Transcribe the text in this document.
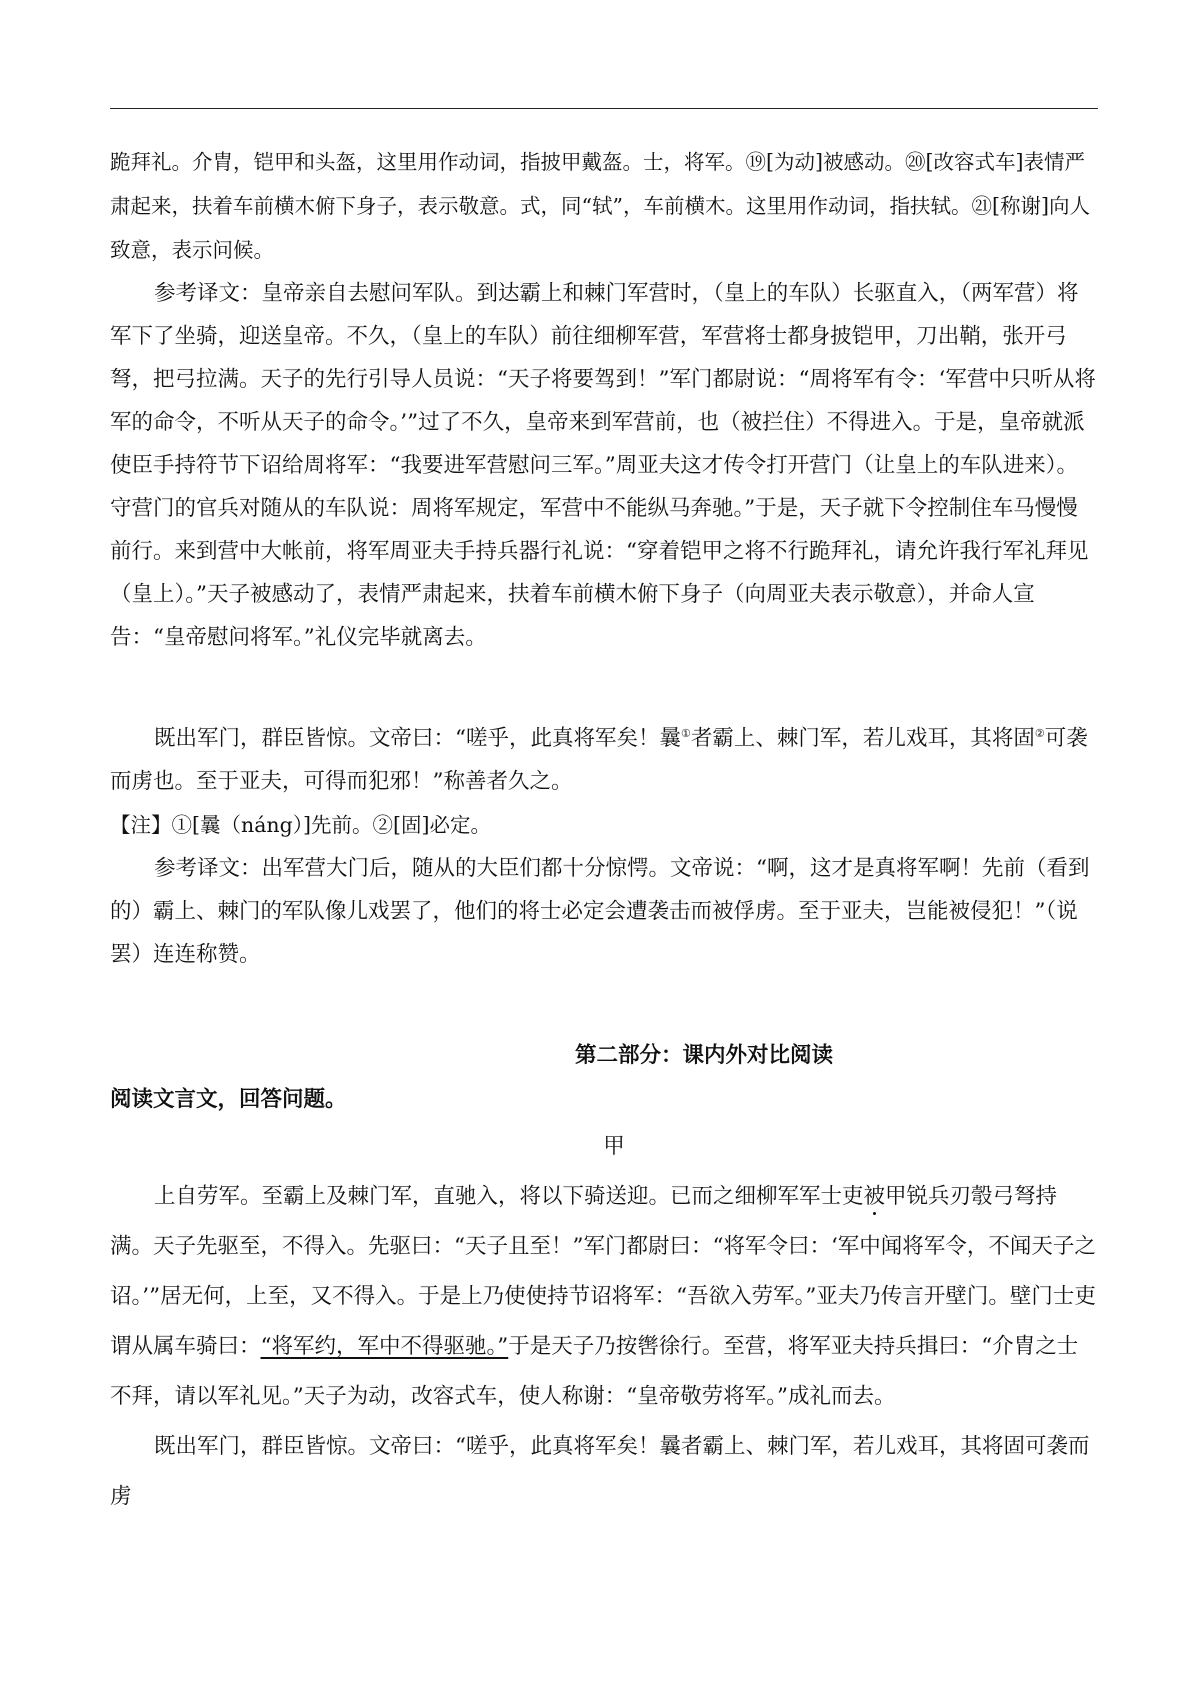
跪拜礼。介胄，铠甲和头盔，这里用作动词，指披甲戴盔。士，将军。⑲[为动]被感动。⑳[改容式车]表情严肃起来，扶着车前横木俯下身子，表示敬意。式，同“轼”，车前横木。这里用作动词，指扶轼。㉑[称谢]向人致意，表示问候。

参考译文：皇帝亲自去慰问军队。到达霸上和棘门军营时，（皇上的车队）长驱直入，（两军营）将军下了坐骑，迎送皇帝。不久，（皇上的车队）前往细柳军营，军营将士都身披铠甲，刀出鞘，张开弓弩，把弓拉满。天子的先行引导人员说：“天子将要驾到！”军门都尉说：“周将军有令：‘军营中只听从将军的命令，不听从天子的命令。’”过了不久，皇帝来到军营前，也（被拦住）不得进入。于是，皇帝就派使臣手持符节下诏给周将军：“我要进军营慰问三军。”周亚夫这才传令打开营门（让皇上的车队进来）。守营门的官兵对随从的车队说：周将军规定，军营中不能纵马奔驰。”于是，天子就下令控制住车马慢慢前行。来到营中大帐前，将军周亚夫手持兵器行礼说：“穿着铠甲之将不行跪拜礼，请允许我行军礼拜见（皇上）。”天子被感动了，表情严肃起来，扶着车前横木俯下身子（向周亚夫表示敬意），并命人宣告：“皇帝慰问将军。”礼仪完毕就离去。

既出军门，群臣皆惊。文帝曰：“嗟乎，此真将军矣！曩①者霸上、棘门军，若儿戏耳，其将固②可袭而虏也。至于亚夫，可得而犯邪！”称善者久之。

【注】①[曩（náng）]先前。②[固]必定。

参考译文：出军营大门后，随从的大臣们都十分惊愕。文帝说：“啊，这才是真将军啊！先前（看到的）霸上、棘门的军队像儿戏罢了，他们的将士必定会遭袭击而被俘虏。至于亚夫，岂能被侵犯！”（说罢）连连称赞。

第二部分：课内外对比阅读

阅读文言文，回答问题。

甲

上自劳军。至霸上及棘门军，直驰入，将以下骑送迎。已而之细柳军军士吏被甲锐兵刃彀弓弩持满。天子先驱至，不得入。先驱曰：“天子且至！”军门都尉曰：“将军令曰：‘军中闻将军令，不闻天子之诏。’”居无何，上至，又不得入。于是上乃使使持节诏将军：“吾欲入劳军。”亚夫乃传言开壁门。壁门士吏谓从属车骑曰：“将军约，军中不得驱驰。”于是天子乃按辔徐行。至营，将军亚夫持兵揖曰：“介胄之士不拜，请以军礼见。”天子为动，改容式车，使人称谢：“皇帝敬劳将军。”成礼而去。

既出军门，群臣皆惊。文帝曰：“嗟乎，此真将军矣！曩者霸上、棘门军，若儿戏耳，其将固可袭而虏
